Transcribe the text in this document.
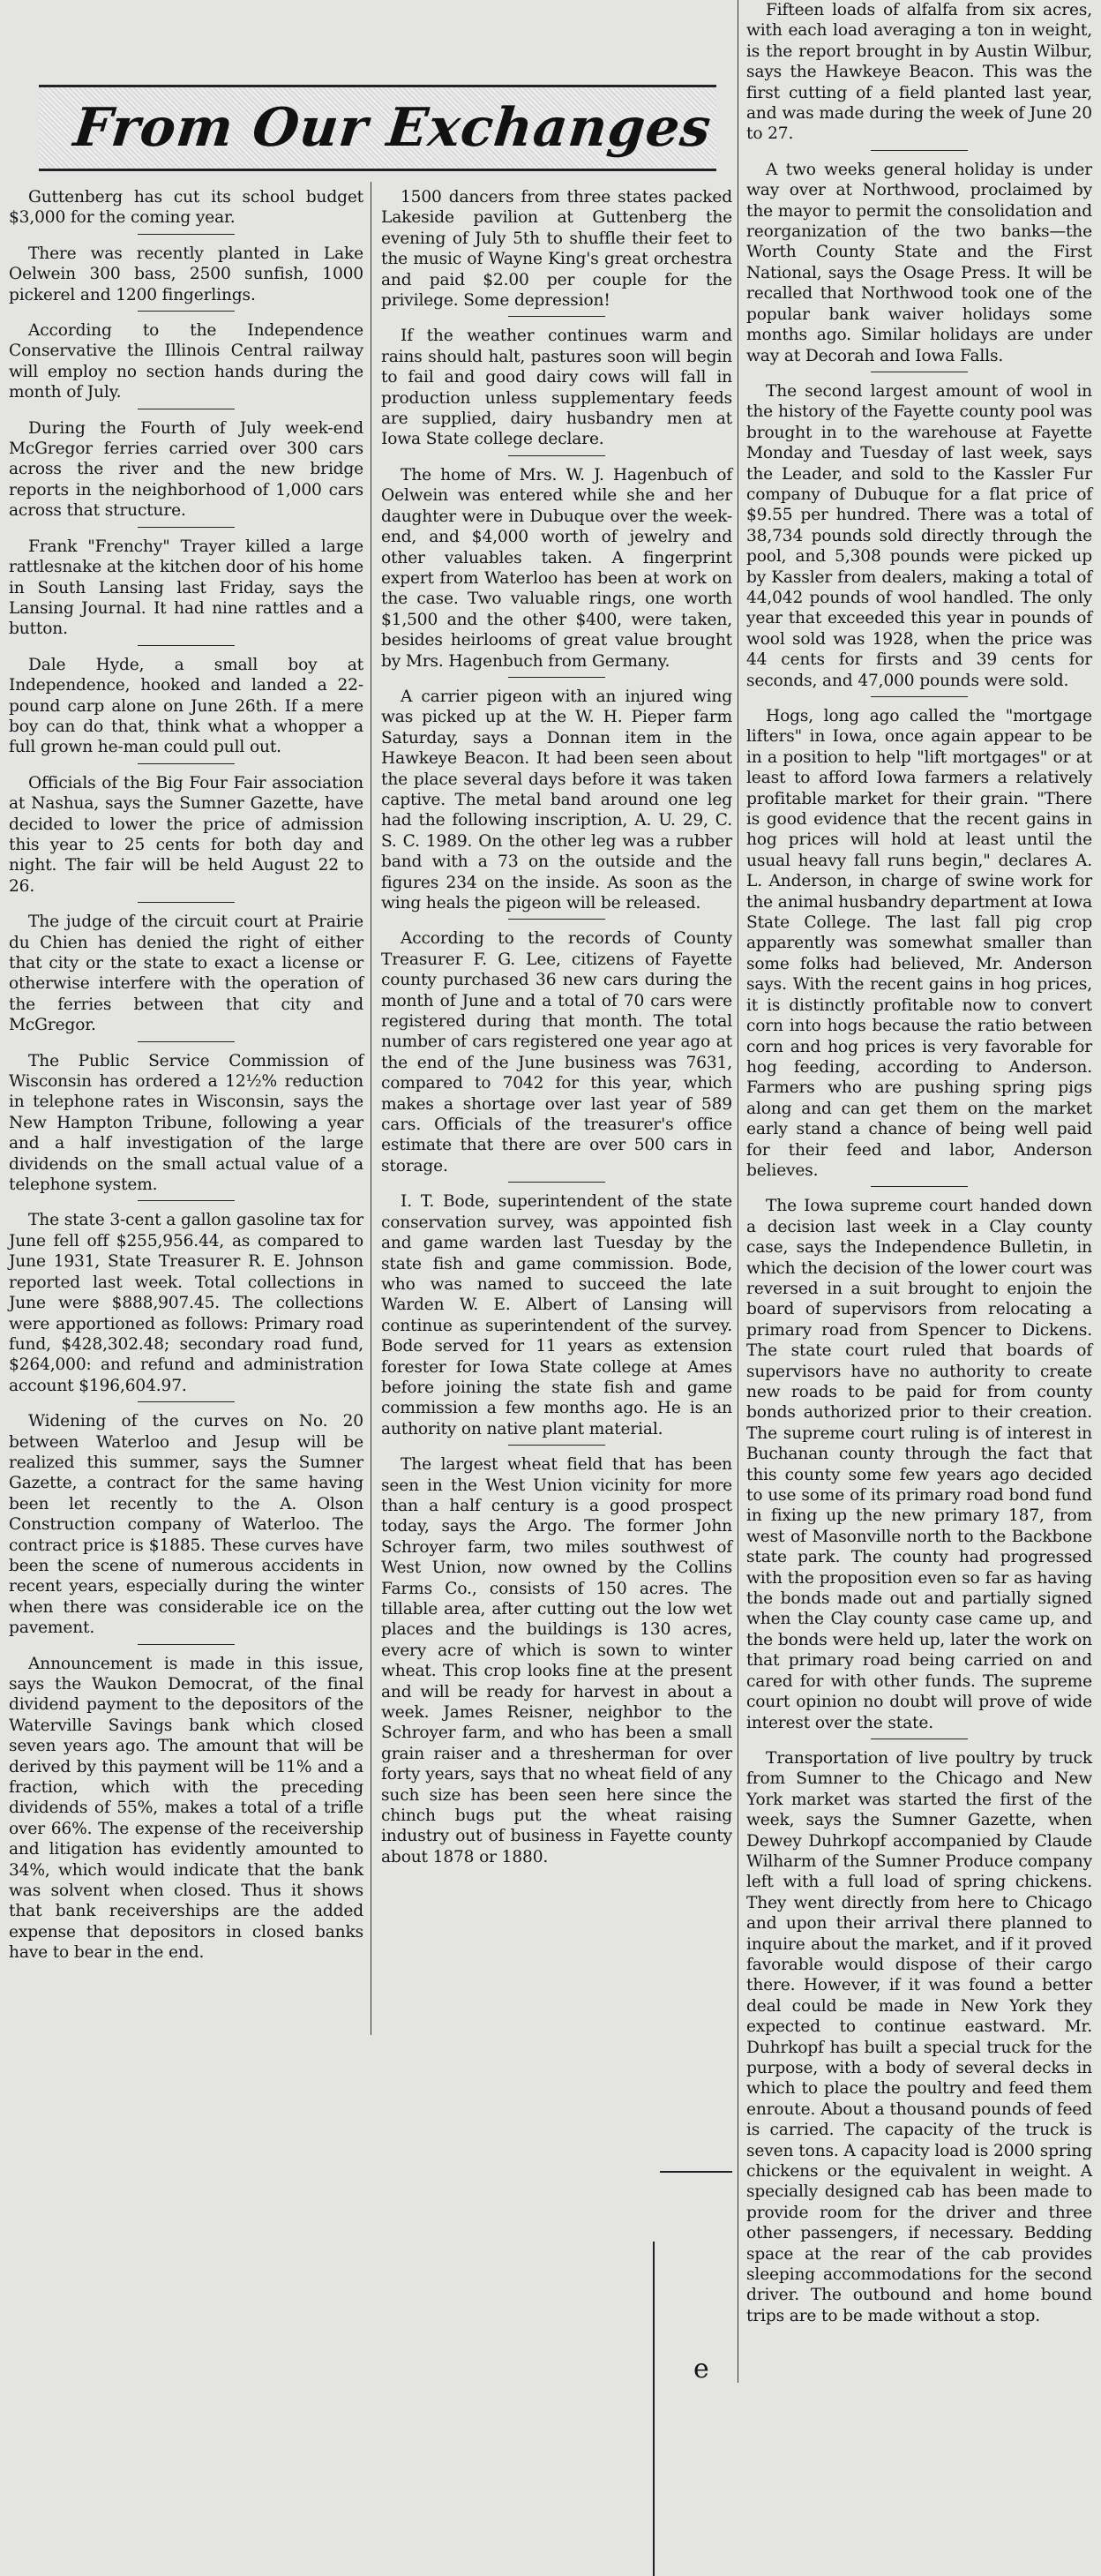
From Our Exchanges

Guttenberg has cut its school budget $3,000 for the coming year.

There was recently planted in Lake Oelwein 300 bass, 2500 sunfish, 1000 pickerel and 1200 fingerlings.

According to the Independence Conservative the Illinois Central railway will employ no section hands during the month of July.

During the Fourth of July week-end McGregor ferries carried over 300 cars across the river and the new bridge reports in the neighborhood of 1,000 cars across that structure.

Frank "Frenchy" Trayer killed a large rattlesnake at the kitchen door of his home in South Lansing last Friday, says the Lansing Journal. It had nine rattles and a button.

Dale Hyde, a small boy at Independence, hooked and landed a 22-pound carp alone on June 26th. If a mere boy can do that, think what a whopper a full grown he-man could pull out.

Officials of the Big Four Fair association at Nashua, says the Sumner Gazette, have decided to lower the price of admission this year to 25 cents for both day and night. The fair will be held August 22 to 26.

The judge of the circuit court at Prairie du Chien has denied the right of either that city or the state to exact a license or otherwise interfere with the operation of the ferries between that city and McGregor.

The Public Service Commission of Wisconsin has ordered a 12½% reduction in telephone rates in Wisconsin, says the New Hampton Tribune, following a year and a half investigation of the large dividends on the small actual value of a telephone system.

The state 3-cent a gallon gasoline tax for June fell off $255,956.44, as compared to June 1931, State Treasurer R. E. Johnson reported last week. Total collections in June were $888,907.45. The collections were apportioned as follows: Primary road fund, $428,302.48; secondary road fund, $264,000: and refund and administration account $196,604.97.

Widening of the curves on No. 20 between Waterloo and Jesup will be realized this summer, says the Sumner Gazette, a contract for the same having been let recently to the A. Olson Construction company of Waterloo. The contract price is $1885. These curves have been the scene of numerous accidents in recent years, especially during the winter when there was considerable ice on the pavement.

Announcement is made in this issue, says the Waukon Democrat, of the final dividend payment to the depositors of the Waterville Savings bank which closed seven years ago. The amount that will be derived by this payment will be 11% and a fraction, which with the preceding dividends of 55%, makes a total of a trifle over 66%. The expense of the receivership and litigation has evidently amounted to 34%, which would indicate that the bank was solvent when closed. Thus it shows that bank receiverships are the added expense that depositors in closed banks have to bear in the end.

1500 dancers from three states packed Lakeside pavilion at Guttenberg the evening of July 5th to shuffle their feet to the music of Wayne King's great orchestra and paid $2.00 per couple for the privilege. Some depression!

If the weather continues warm and rains should halt, pastures soon will begin to fail and good dairy cows will fall in production unless supplementary feeds are supplied, dairy husbandry men at Iowa State college declare.

The home of Mrs. W. J. Hagenbuch of Oelwein was entered while she and her daughter were in Dubuque over the week-end, and $4,000 worth of jewelry and other valuables taken. A fingerprint expert from Waterloo has been at work on the case. Two valuable rings, one worth $1,500 and the other $400, were taken, besides heirlooms of great value brought by Mrs. Hagenbuch from Germany.

A carrier pigeon with an injured wing was picked up at the W. H. Pieper farm Saturday, says a Donnan item in the Hawkeye Beacon. It had been seen about the place several days before it was taken captive. The metal band around one leg had the following inscription, A. U. 29, C. S. C. 1989. On the other leg was a rubber band with a 73 on the outside and the figures 234 on the inside. As soon as the wing heals the pigeon will be released.

According to the records of County Treasurer F. G. Lee, citizens of Fayette county purchased 36 new cars during the month of June and a total of 70 cars were registered during that month. The total number of cars registered one year ago at the end of the June business was 7631, compared to 7042 for this year, which makes a shortage over last year of 589 cars. Officials of the treasurer's office estimate that there are over 500 cars in storage.

I. T. Bode, superintendent of the state conservation survey, was appointed fish and game warden last Tuesday by the state fish and game commission. Bode, who was named to succeed the late Warden W. E. Albert of Lansing will continue as superintendent of the survey. Bode served for 11 years as extension forester for Iowa State college at Ames before joining the state fish and game commission a few months ago. He is an authority on native plant material.

The largest wheat field that has been seen in the West Union vicinity for more than a half century is a good prospect today, says the Argo. The former John Schroyer farm, two miles southwest of West Union, now owned by the Collins Farms Co., consists of 150 acres. The tillable area, after cutting out the low wet places and the buildings is 130 acres, every acre of which is sown to winter wheat. This crop looks fine at the present and will be ready for harvest in about a week. James Reisner, neighbor to the Schroyer farm, and who has been a small grain raiser and a thresherman for over forty years, says that no wheat field of any such size has been seen here since the chinch bugs put the wheat raising industry out of business in Fayette county about 1878 or 1880.

Fifteen loads of alfalfa from six acres, with each load averaging a ton in weight, is the report brought in by Austin Wilbur, says the Hawkeye Beacon. This was the first cutting of a field planted last year, and was made during the week of June 20 to 27.

A two weeks general holiday is under way over at Northwood, proclaimed by the mayor to permit the consolidation and reorganization of the two banks—the Worth County State and the First National, says the Osage Press. It will be recalled that Northwood took one of the popular bank waiver holidays some months ago. Similar holidays are under way at Decorah and Iowa Falls.

The second largest amount of wool in the history of the Fayette county pool was brought in to the warehouse at Fayette Monday and Tuesday of last week, says the Leader, and sold to the Kassler Fur company of Dubuque for a flat price of $9.55 per hundred. There was a total of 38,734 pounds sold directly through the pool, and 5,308 pounds were picked up by Kassler from dealers, making a total of 44,042 pounds of wool handled. The only year that exceeded this year in pounds of wool sold was 1928, when the price was 44 cents for firsts and 39 cents for seconds, and 47,000 pounds were sold.

Hogs, long ago called the "mortgage lifters" in Iowa, once again appear to be in a position to help "lift mortgages" or at least to afford Iowa farmers a relatively profitable market for their grain. "There is good evidence that the recent gains in hog prices will hold at least until the usual heavy fall runs begin," declares A. L. Anderson, in charge of swine work for the animal husbandry department at Iowa State College. The last fall pig crop apparently was somewhat smaller than some folks had believed, Mr. Anderson says. With the recent gains in hog prices, it is distinctly profitable now to convert corn into hogs because the ratio between corn and hog prices is very favorable for hog feeding, according to Anderson. Farmers who are pushing spring pigs along and can get them on the market early stand a chance of being well paid for their feed and labor, Anderson believes.

The Iowa supreme court handed down a decision last week in a Clay county case, says the Independence Bulletin, in which the decision of the lower court was reversed in a suit brought to enjoin the board of supervisors from relocating a primary road from Spencer to Dickens. The state court ruled that boards of supervisors have no authority to create new roads to be paid for from county bonds authorized prior to their creation. The supreme court ruling is of interest in Buchanan county through the fact that this county some few years ago decided to use some of its primary road bond fund in fixing up the new primary 187, from west of Masonville north to the Backbone state park. The county had progressed with the proposition even so far as having the bonds made out and partially signed when the Clay county case came up, and the bonds were held up, later the work on that primary road being carried on and cared for with other funds. The supreme court opinion no doubt will prove of wide interest over the state.

Transportation of live poultry by truck from Sumner to the Chicago and New York market was started the first of the week, says the Sumner Gazette, when Dewey Duhrkopf accompanied by Claude Wilharm of the Sumner Produce company left with a full load of spring chickens. They went directly from here to Chicago and upon their arrival there planned to inquire about the market, and if it proved favorable would dispose of their cargo there. However, if it was found a better deal could be made in New York they expected to continue eastward. Mr. Duhrkopf has built a special truck for the purpose, with a body of several decks in which to place the poultry and feed them enroute. About a thousand pounds of feed is carried. The capacity of the truck is seven tons. A capacity load is 2000 spring chickens or the equivalent in weight. A specially designed cab has been made to provide room for the driver and three other passengers, if necessary. Bedding space at the rear of the cab provides sleeping accommodations for the second driver. The outbound and home bound trips are to be made without a stop.

e
